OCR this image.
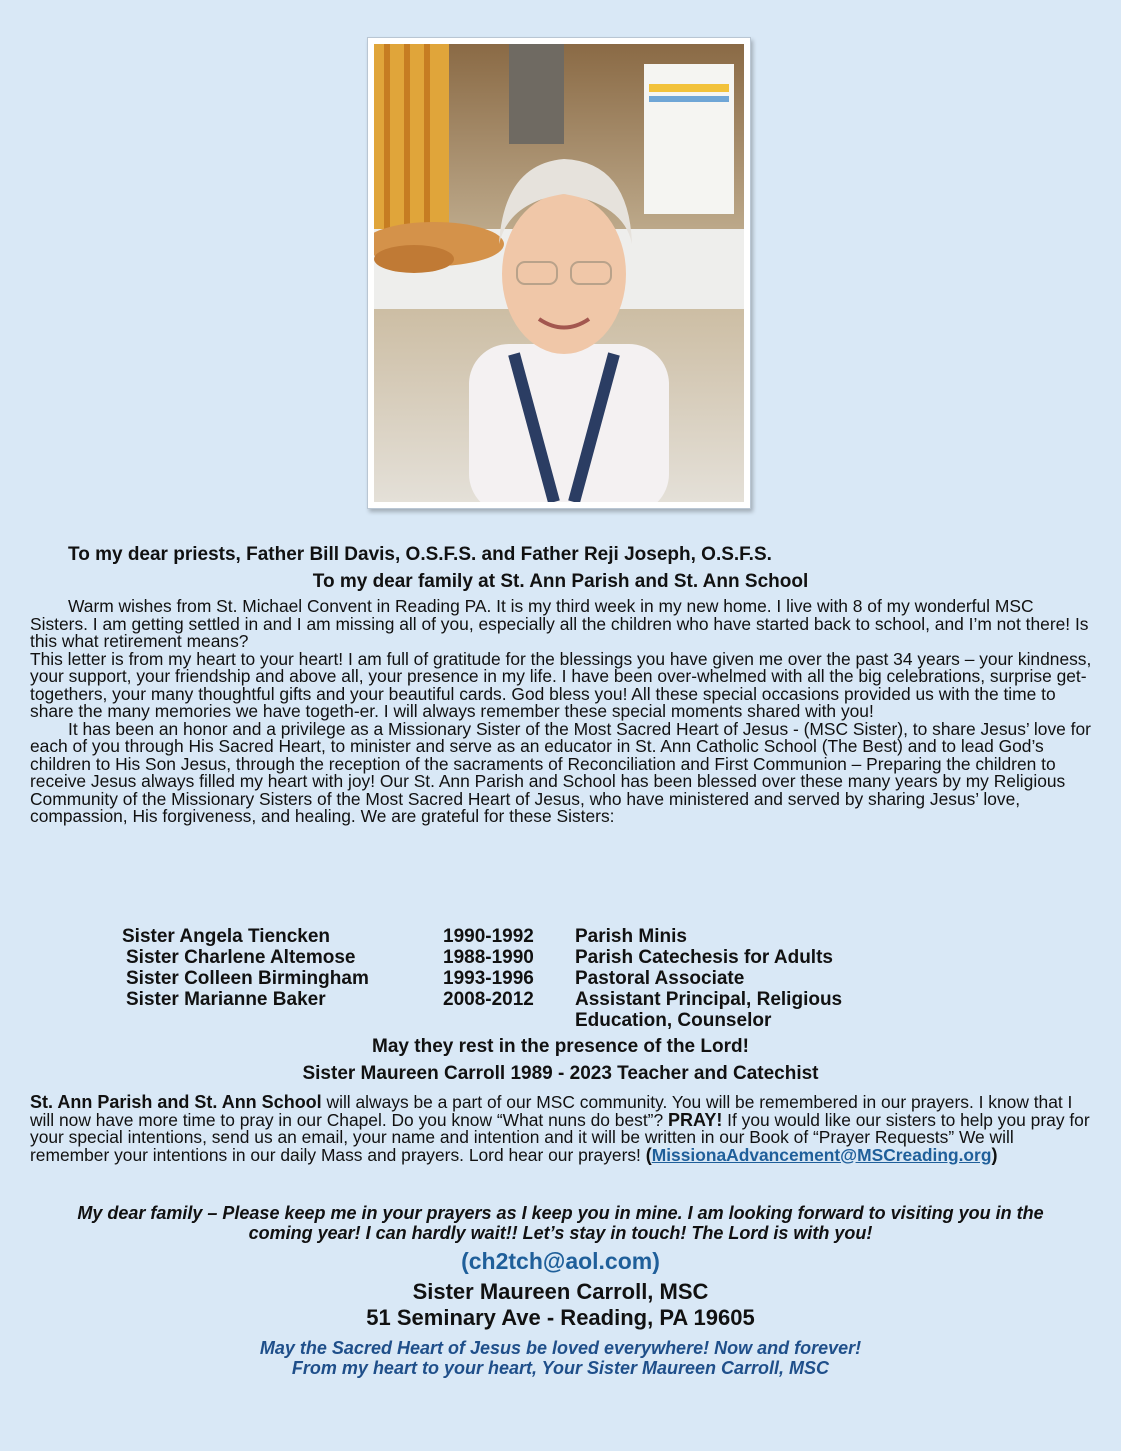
To my dear priests, Father Bill Davis, O.S.F.S. and Father Reji Joseph, O.S.F.S.
To my dear family at St. Ann Parish and St. Ann School

Warm wishes from St. Michael Convent in Reading PA. It is my third week in my new home. I live with 8 of my wonderful MSC Sisters. I am getting settled in and I am missing all of you, especially all the children who have started back to school, and I’m not there! Is this what retirement means?

This letter is from my heart to your heart! I am full of gratitude for the blessings you have given me over the past 34 years – your kindness, your support, your friendship and above all, your presence in my life. I have been over-whelmed with all the big celebrations, surprise get-togethers, your many thoughtful gifts and your beautiful cards. God bless you! All these special occasions provided us with the time to share the many memories we have togeth-er. I will always remember these special moments shared with you!

It has been an honor and a privilege as a Missionary Sister of the Most Sacred Heart of Jesus - (MSC Sister), to share Jesus’ love for each of you through His Sacred Heart, to minister and serve as an educator in St. Ann Catholic School (The Best) and to lead God’s children to His Son Jesus, through the reception of the sacraments of Reconciliation and First Communion – Preparing the children to receive Jesus always filled my heart with joy! Our St. Ann Parish and School has been blessed over these many years by my Religious Community of the Missionary Sisters of the Most Sacred Heart of Jesus, who have ministered and served by sharing Jesus’ love, compassion, His forgiveness, and healing. We are grateful for these Sisters:

Sister Angela Tiencken	1990-1992	Parish Minis
Sister Charlene Altemose	1988-1990	Parish Catechesis for Adults
Sister Colleen Birmingham	1993-1996	Pastoral Associate
Sister Marianne Baker	2008-2012	Assistant Principal, Religious
Education, Counselor
May they rest in the presence of the Lord!
Sister Maureen Carroll 1989 - 2023 Teacher and Catechist
St. Ann Parish and St. Ann School will always be a part of our MSC community. You will be remembered in our prayers. I know that I will now have more time to pray in our Chapel. Do you know “What nuns do best”? PRAY! If you would like our sisters to help you pray for your special intentions, send us an email, your name and intention and it will be written in our Book of “Prayer Requests” We will remember your intentions in our daily Mass and prayers. Lord hear our prayers! (MissionaAdvancement@MSCreading.org)
My dear family – Please keep me in your prayers as I keep you in mine. I am looking forward to visiting you in the coming year! I can hardly wait!! Let’s stay in touch! The Lord is with you!
(ch2tch@aol.com)
Sister Maureen Carroll, MSC
51 Seminary Ave - Reading, PA 19605
May the Sacred Heart of Jesus be loved everywhere! Now and forever!
From my heart to your heart, Your Sister Maureen Carroll, MSC
